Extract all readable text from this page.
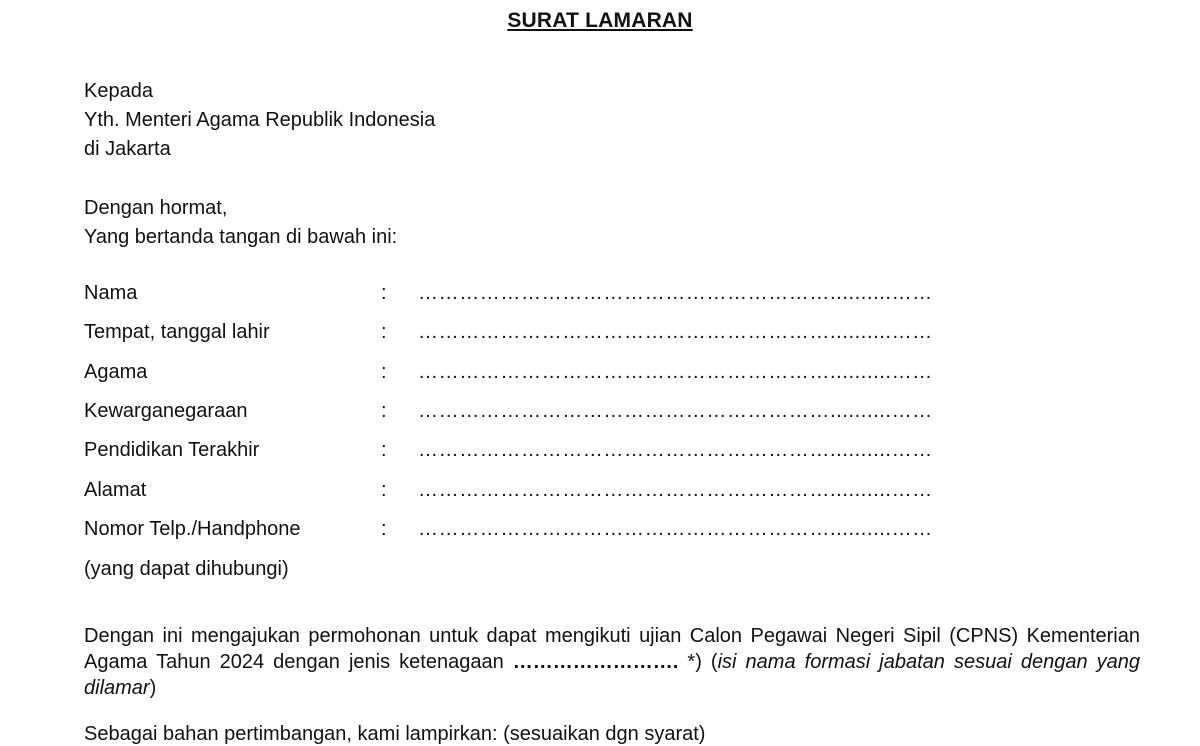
SURAT LAMARAN
Kepada
Yth. Menteri Agama Republik Indonesia
di Jakarta
Dengan hormat,
Yang bertanda tangan di bawah ini:
Nama	: ……………………………………………………..........……
Tempat, tanggal lahir	: ……………………………………………………..........……
Agama	: ……………………………………………………..........……
Kewarganegaraan	: ……………………………………………………..........……
Pendidikan Terakhir	: ……………………………………………………..........……
Alamat	: ……………………………………………………..........……
Nomor Telp./Handphone	: ……………………………………………………..........……
(yang dapat dihubungi)
Dengan ini mengajukan permohonan untuk dapat mengikuti ujian Calon Pegawai Negeri Sipil (CPNS) Kementerian Agama Tahun 2024 dengan jenis ketenagaan ……………………. *) (isi nama formasi jabatan sesuai dengan yang dilamar)
Sebagai bahan pertimbangan, kami lampirkan: (sesuaikan dgn syarat)
